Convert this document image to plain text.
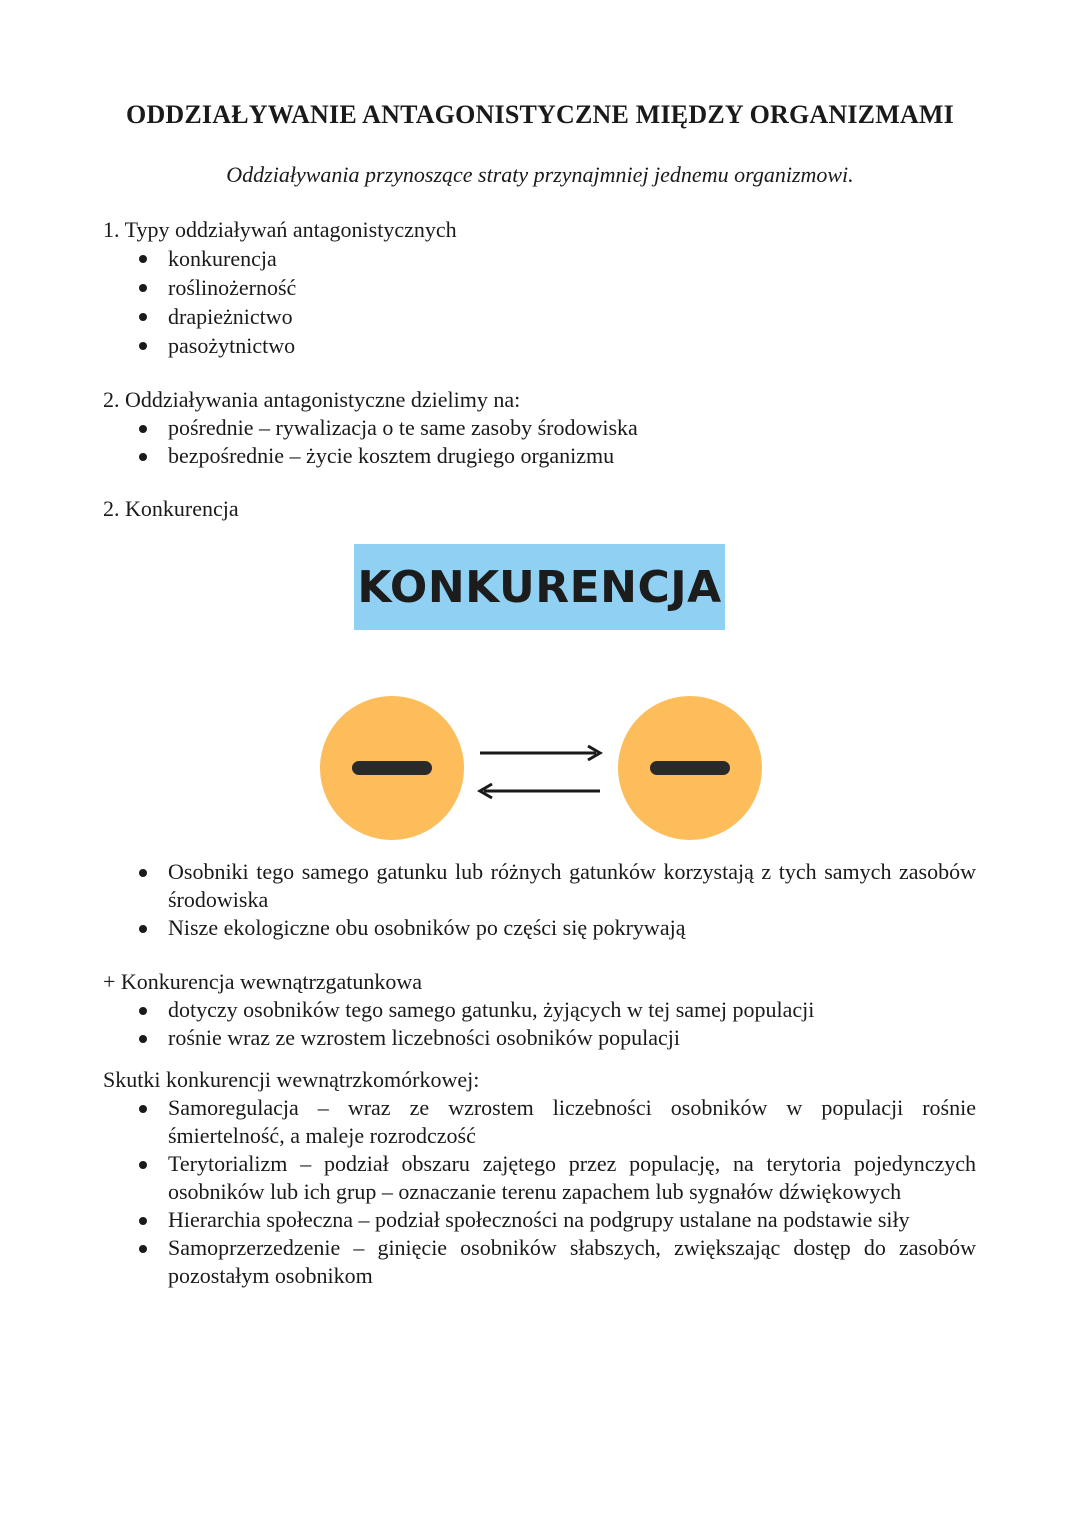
ODDZIAŁYWANIE ANTAGONISTYCZNE MIĘDZY ORGANIZMAMI

Oddziaływania przynoszące straty przynajmniej jednemu organizmowi.

1. Typy oddziaływań antagonistycznych

konkurencja
roślinożerność
drapieżnictwo
pasożytnictwo

2. Oddziaływania antagonistyczne dzielimy na:

pośrednie – rywalizacja o te same zasoby środowiska
bezpośrednie – życie kosztem drugiego organizmu

2. Konkurencja

KONKURENCJA
Osobniki tego samego gatunku lub różnych gatunków korzystają z tych samych zasobów środowiska
Nisze ekologiczne obu osobników po części się pokrywają

+ Konkurencja wewnątrzgatunkowa

dotyczy osobników tego samego gatunku, żyjących w tej samej populacji
rośnie wraz ze wzrostem liczebności osobników populacji

Skutki konkurencji wewnątrzkomórkowej:

Samoregulacja – wraz ze wzrostem liczebności osobników w populacji rośnie śmiertelność, a maleje rozrodczość
Terytorializm – podział obszaru zajętego przez populację, na terytoria pojedynczych osobników lub ich grup – oznaczanie terenu zapachem lub sygnałów dźwiękowych
Hierarchia społeczna – podział społeczności na podgrupy ustalane na podstawie siły
Samoprzerzedzenie – ginięcie osobników słabszych, zwiększając dostęp do zasobów pozostałym osobnikom
